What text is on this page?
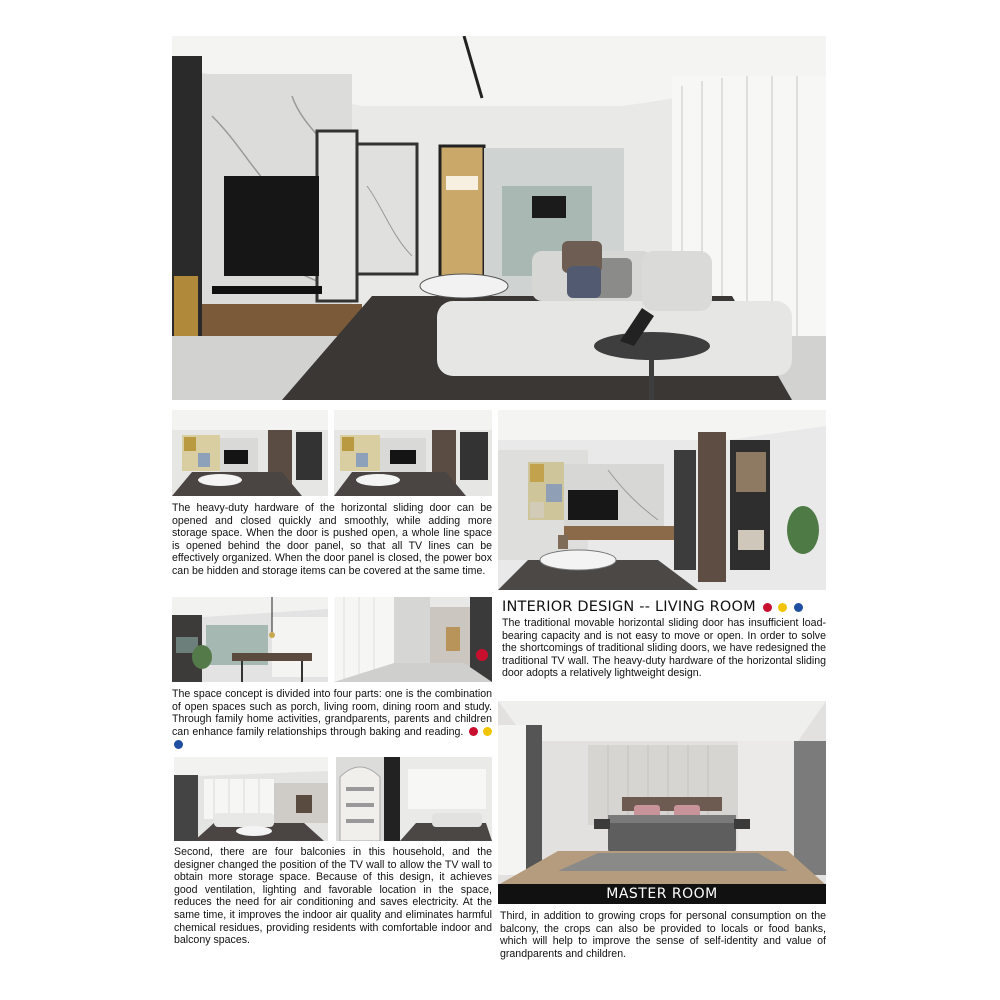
The heavy-duty hardware of the horizontal sliding door can be opened and closed quickly and smoothly, while adding more storage space. When the door is pushed open, a whole line space is opened behind the door panel, so that all TV lines can be effectively organized. When the door panel is closed, the power box can be hidden and storage items can be covered at the same time.
INTERIOR DESIGN -- LIVING ROOM
The traditional movable horizontal sliding door has insufficient load-bearing capacity and is not easy to move or open. In order to solve the shortcomings of traditional sliding doors, we have redesigned the traditional TV wall. The heavy-duty hardware of the horizontal sliding door adopts a relatively lightweight design.
The space concept is divided into four parts: one is the combination of open spaces such as porch, living room, dining room and study. Through family home activities, grandparents, parents and children can enhance family relationships through baking and reading.
Second, there are four balconies in this household, and the designer changed the position of the TV wall to allow the TV wall to obtain more storage space. Because of this design, it achieves good ventilation, lighting and favorable location in the space, reduces the need for air conditioning and saves electricity. At the same time, it improves the indoor air quality and eliminates harmful chemical residues, providing residents with comfortable indoor and balcony spaces.
MASTER ROOM
Third, in addition to growing crops for personal consumption on the balcony, the crops can also be provided to locals or food banks, which will help to improve the sense of self-identity and value of grandparents and children.
